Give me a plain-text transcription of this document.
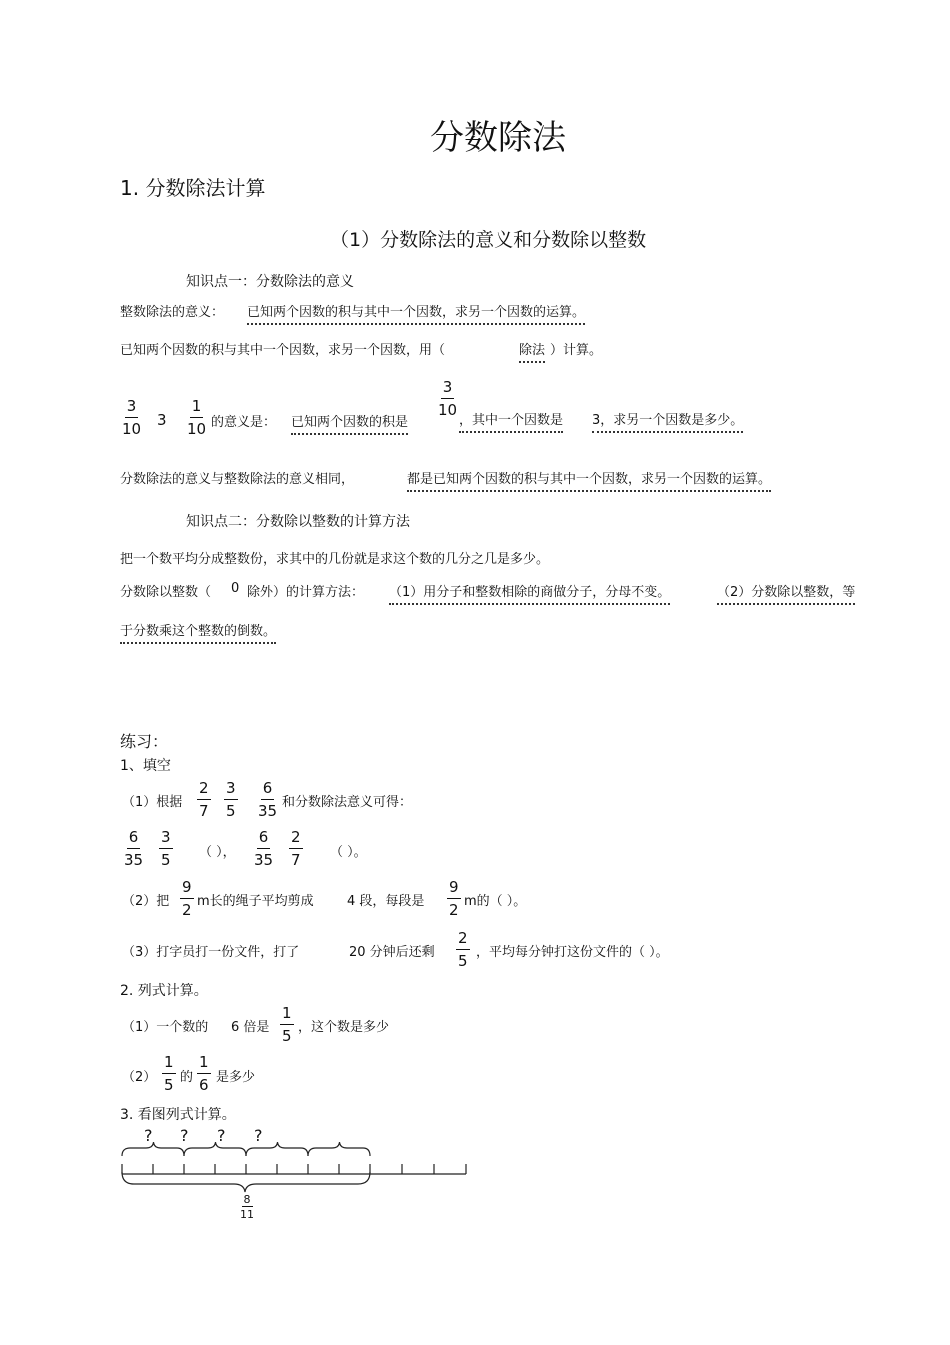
分数除法
1. 分数除法计算
（1）分数除法的意义和分数除以整数
知识点一：分数除法的意义
整数除法的意义： 已知两个因数的积与其中一个因数，求另一个因数的运算。
已知两个因数的积与其中一个因数，求另一个因数，用（	除法 ）计算。
$\frac{3}{10} 3 \frac{1}{10}$ 的意义是： 已知两个因数的积是
$\frac{3}{10}$
，其中一个因数是 3，求另一个因数是多少。
分数除法的意义与整数除法的意义相同，	都是已知两个因数的积与其中一个因数，求另一个因数的运算。
知识点二：分数除以整数的计算方法
把一个数平均分成整数份，求其中的几份就是求这个数的几分之几是多少。
分数除以整数（ 0 除外）的计算方法： （1）用分子和整数相除的商做分子，分母不变。	（2）分数除以整数，等
于分数乘这个整数的倒数。
练习：
1、填空
（1）根据 $\frac{2}{7} \frac{3}{5} \frac{6}{35}$ 和分数除法意义可得：
$\frac{6}{35} \frac{3}{5}$ （ ）， $\frac{6}{35} \frac{2}{7}$ （ ）。
（2）把 $\frac{9}{2}$ m长的绳子平均剪成	4 段，每段是 $\frac{9}{2}$ m的（ ）。
（3）打字员打一份文件，打了	20 分钟后还剩 $\frac{2}{5}$ ，平均每分钟打这份文件的（ ）。
2. 列式计算。
（1）一个数的 6 倍是 $\frac{1}{5}$ ，这个数是多少
$(2) \frac{1}{5}$ 的 $\frac{1}{6}$ 是多少
3. 看图列式计算。
? ? ? ?
$\frac{8}{11}$
